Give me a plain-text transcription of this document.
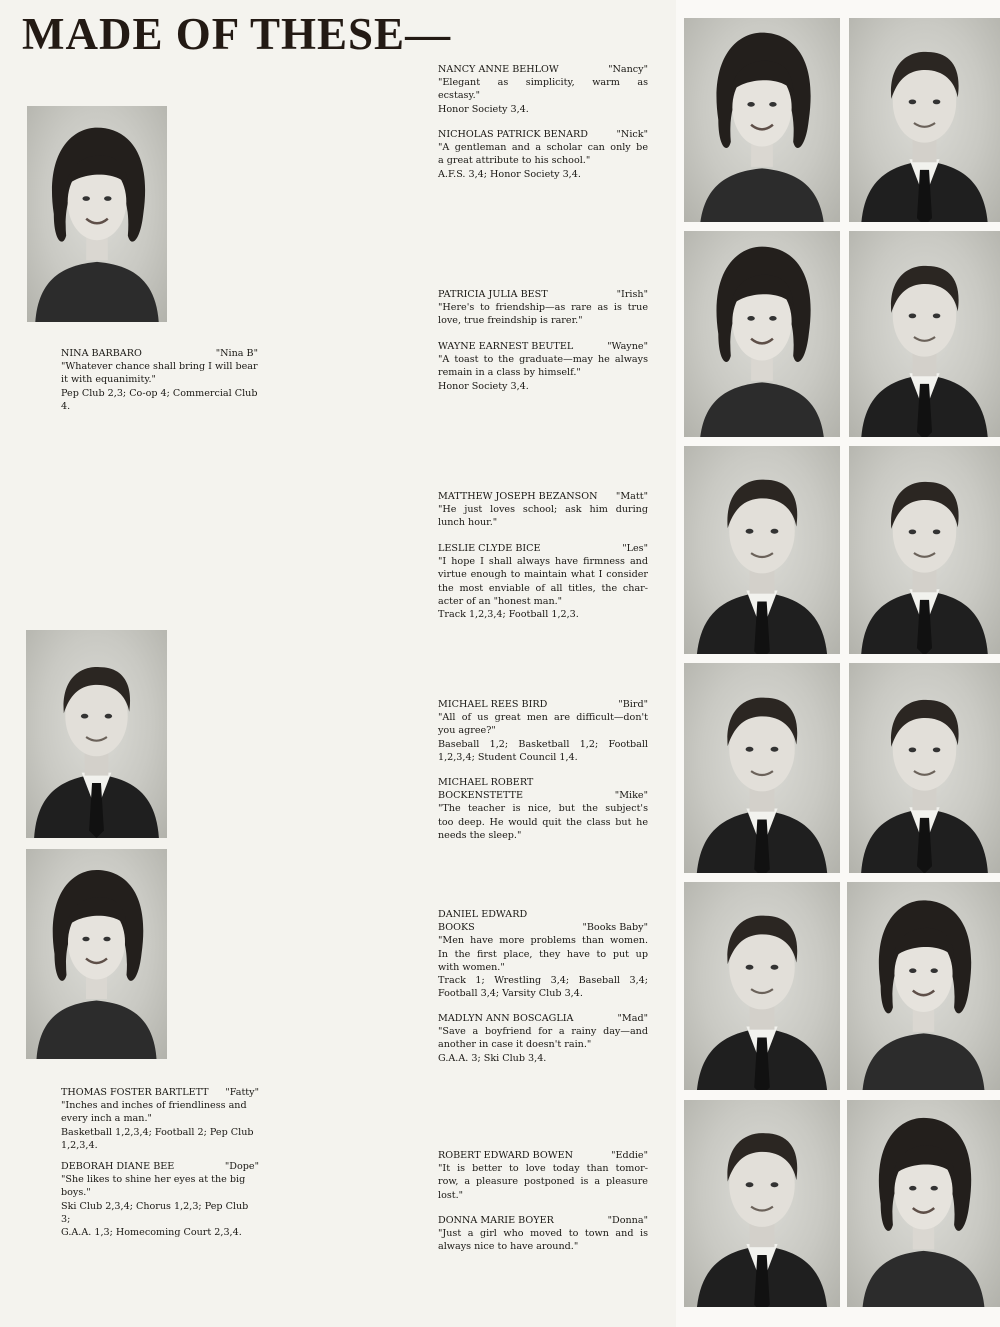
MADE OF THESE—
NINA BARBARO	"Nina B"
"Whatever chance shall bring I will bear
it with equanimity."
Pep Club 2,3; Co-op 4; Commercial Club
4.
THOMAS FOSTER BARTLETT "Fatty"
"Inches and inches of friendliness and
every inch a man."
Basketball 1,2,3,4; Football 2; Pep Club
1,2,3,4.
DEBORAH DIANE BEE	"Dope"
"She likes to shine her eyes at the big
boys."
Ski Club 2,3,4; Chorus 1,2,3; Pep Club 3;
G.A.A. 1,3; Homecoming Court 2,3,4.
NANCY ANNE BEHLOW	"Nancy"
"Elegant as simplicity, warm as
ecstasy."
Honor Society 3,4.
NICHOLAS PATRICK BENARD	"Nick"
"A gentleman and a scholar can only be
a great attribute to his school."
A.F.S. 3,4; Honor Society 3,4.
PATRICIA JULIA BEST	"Irish"
"Here's to friendship—as rare as is true
love, true freindship is rarer."
WAYNE EARNEST BEUTEL	"Wayne"
"A toast to the graduate—may he always
remain in a class by himself."
Honor Society 3,4.
MATTHEW JOSEPH BEZANSON "Matt"
"He just loves school; ask him during
lunch hour."
LESLIE CLYDE BICE	"Les"
"I hope I shall always have firmness and
virtue enough to maintain what I consider
the most enviable of all titles, the char-
acter of an "honest man."
Track 1,2,3,4; Football 1,2,3.
MICHAEL REES BIRD	"Bird"
"All of us great men are difficult—don't
you agree?"
Baseball 1,2; Basketball 1,2; Football
1,2,3,4; Student Council 1,4.
MICHAEL ROBERT
BOCKENSTETTE	"Mike"
"The teacher is nice, but the subject's
too deep. He would quit the class but he
needs the sleep."
DANIEL EDWARD
BOOKS	"Books Baby"
"Men have more problems than women.
In the first place, they have to put up
with women."
Track 1; Wrestling 3,4; Baseball 3,4;
Football 3,4; Varsity Club 3,4.
MADLYN ANN BOSCAGLIA	"Mad"
"Save a boyfriend for a rainy day—and
another in case it doesn't rain."
G.A.A. 3; Ski Club 3,4.
ROBERT EDWARD BOWEN	"Eddie"
"It is better to love today than tomor-
row, a pleasure postponed is a pleasure
lost."
DONNA MARIE BOYER	"Donna"
"Just a girl who moved to town and is
always nice to have around."
